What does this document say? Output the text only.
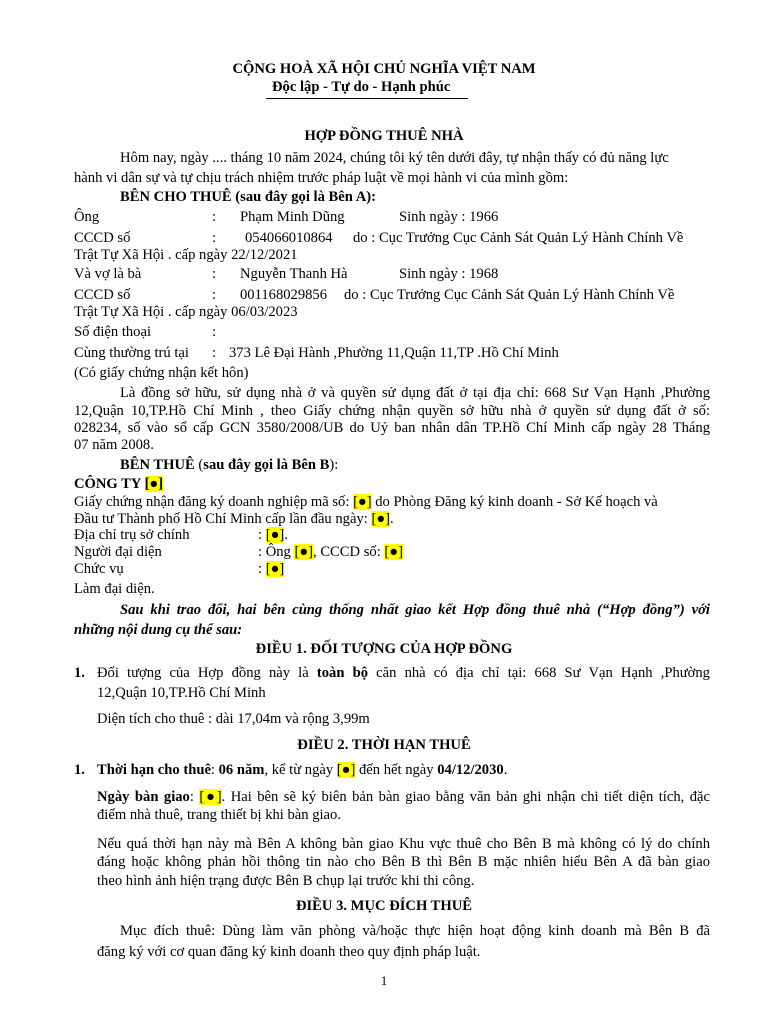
CỘNG HOÀ XÃ HỘI CHỦ NGHĨA VIỆT NAM
Độc lập - Tự do - Hạnh phúc
HỢP ĐỒNG THUÊ NHÀ
Hôm nay, ngày .... tháng 10 năm 2024, chúng tôi ký tên dưới đây, tự nhận thấy có đủ năng lực
hành vi dân sự và tự chịu trách nhiệm trước pháp luật về mọi hành vi của mình gồm:
BÊN CHO THUÊ (sau đây gọi là Bên A):
Ông	: Phạm Minh Dũng	Sinh ngày : 1966
CCCD số	: 054066010864 do : Cục Trưởng Cục Cảnh Sát Quản Lý Hành Chính Về
Trật Tự Xã Hội . cấp ngày 22/12/2021
Và vợ là bà	: Nguyễn Thanh Hà	Sinh ngày : 1968
CCCD số	: 001168029856 do : Cục Trưởng Cục Cảnh Sát Quản Lý Hành Chính Về
Trật Tự Xã Hội . cấp ngày 06/03/2023
Số điện thoại	:
Cùng thường trú tại : 373 Lê Đại Hành ,Phường 11,Quận 11,TP .Hồ Chí Minh
(Có giấy chứng nhận kết hôn)
Là đồng sở hữu, sử dụng nhà ở và quyền sử dụng đất ở tại địa chỉ: 668 Sư Vạn Hạnh ,Phường
12,Quận 10,TP.Hồ Chí Minh , theo Giấy chứng nhận quyền sở hữu nhà ở quyền sử dụng đất ở số:
028234, số vào sổ cấp GCN 3580/2008/UB do Uỷ ban nhân dân TP.Hồ Chí Minh cấp ngày 28 Tháng
07 năm 2008.
BÊN THUÊ (sau đây gọi là Bên B):
CÔNG TY [●]
Giấy chứng nhận đăng ký doanh nghiệp mã số: [●] do Phòng Đăng ký kinh doanh - Sở Kế hoạch và
Đầu tư Thành phố Hồ Chí Minh cấp lần đầu ngày: [●].
Địa chỉ trụ sở chính	: [●].
Người đại diện	: Ông [●], CCCD số: [●]
Chức vụ	: [●]
Làm đại diện.
Sau khi trao đổi, hai bên cùng thống nhất giao kết Hợp đồng thuê nhà (“Hợp đồng”) với
những nội dung cụ thể sau:
ĐIỀU 1. ĐỐI TƯỢNG CỦA HỢP ĐỒNG
1. Đối tượng của Hợp đồng này là toàn bộ căn nhà có địa chỉ tại: 668 Sư Vạn Hạnh ,Phường
12,Quận 10,TP.Hồ Chí Minh
Diện tích cho thuê : dài 17,04m và rộng 3,99m
ĐIỀU 2. THỜI HẠN THUÊ
1. Thời hạn cho thuê: 06 năm, kể từ ngày [●] đến hết ngày 04/12/2030.
Ngày bàn giao: [●]. Hai bên sẽ ký biên bản bàn giao bằng văn bản ghi nhận chi tiết diện tích, đặc
điểm nhà thuê, trang thiết bị khi bàn giao.
Nếu quá thời hạn này mà Bên A không bàn giao Khu vực thuê cho Bên B mà không có lý do chính
đáng hoặc không phản hồi thông tin nào cho Bên B thì Bên B mặc nhiên hiểu Bên A đã bàn giao
theo hình ảnh hiện trạng được Bên B chụp lại trước khi thi công.
ĐIỀU 3. MỤC ĐÍCH THUÊ
Mục đích thuê: Dùng làm văn phòng và/hoặc thực hiện hoạt động kinh doanh mà Bên B đã
đăng ký với cơ quan đăng ký kinh doanh theo quy định pháp luật.
1
